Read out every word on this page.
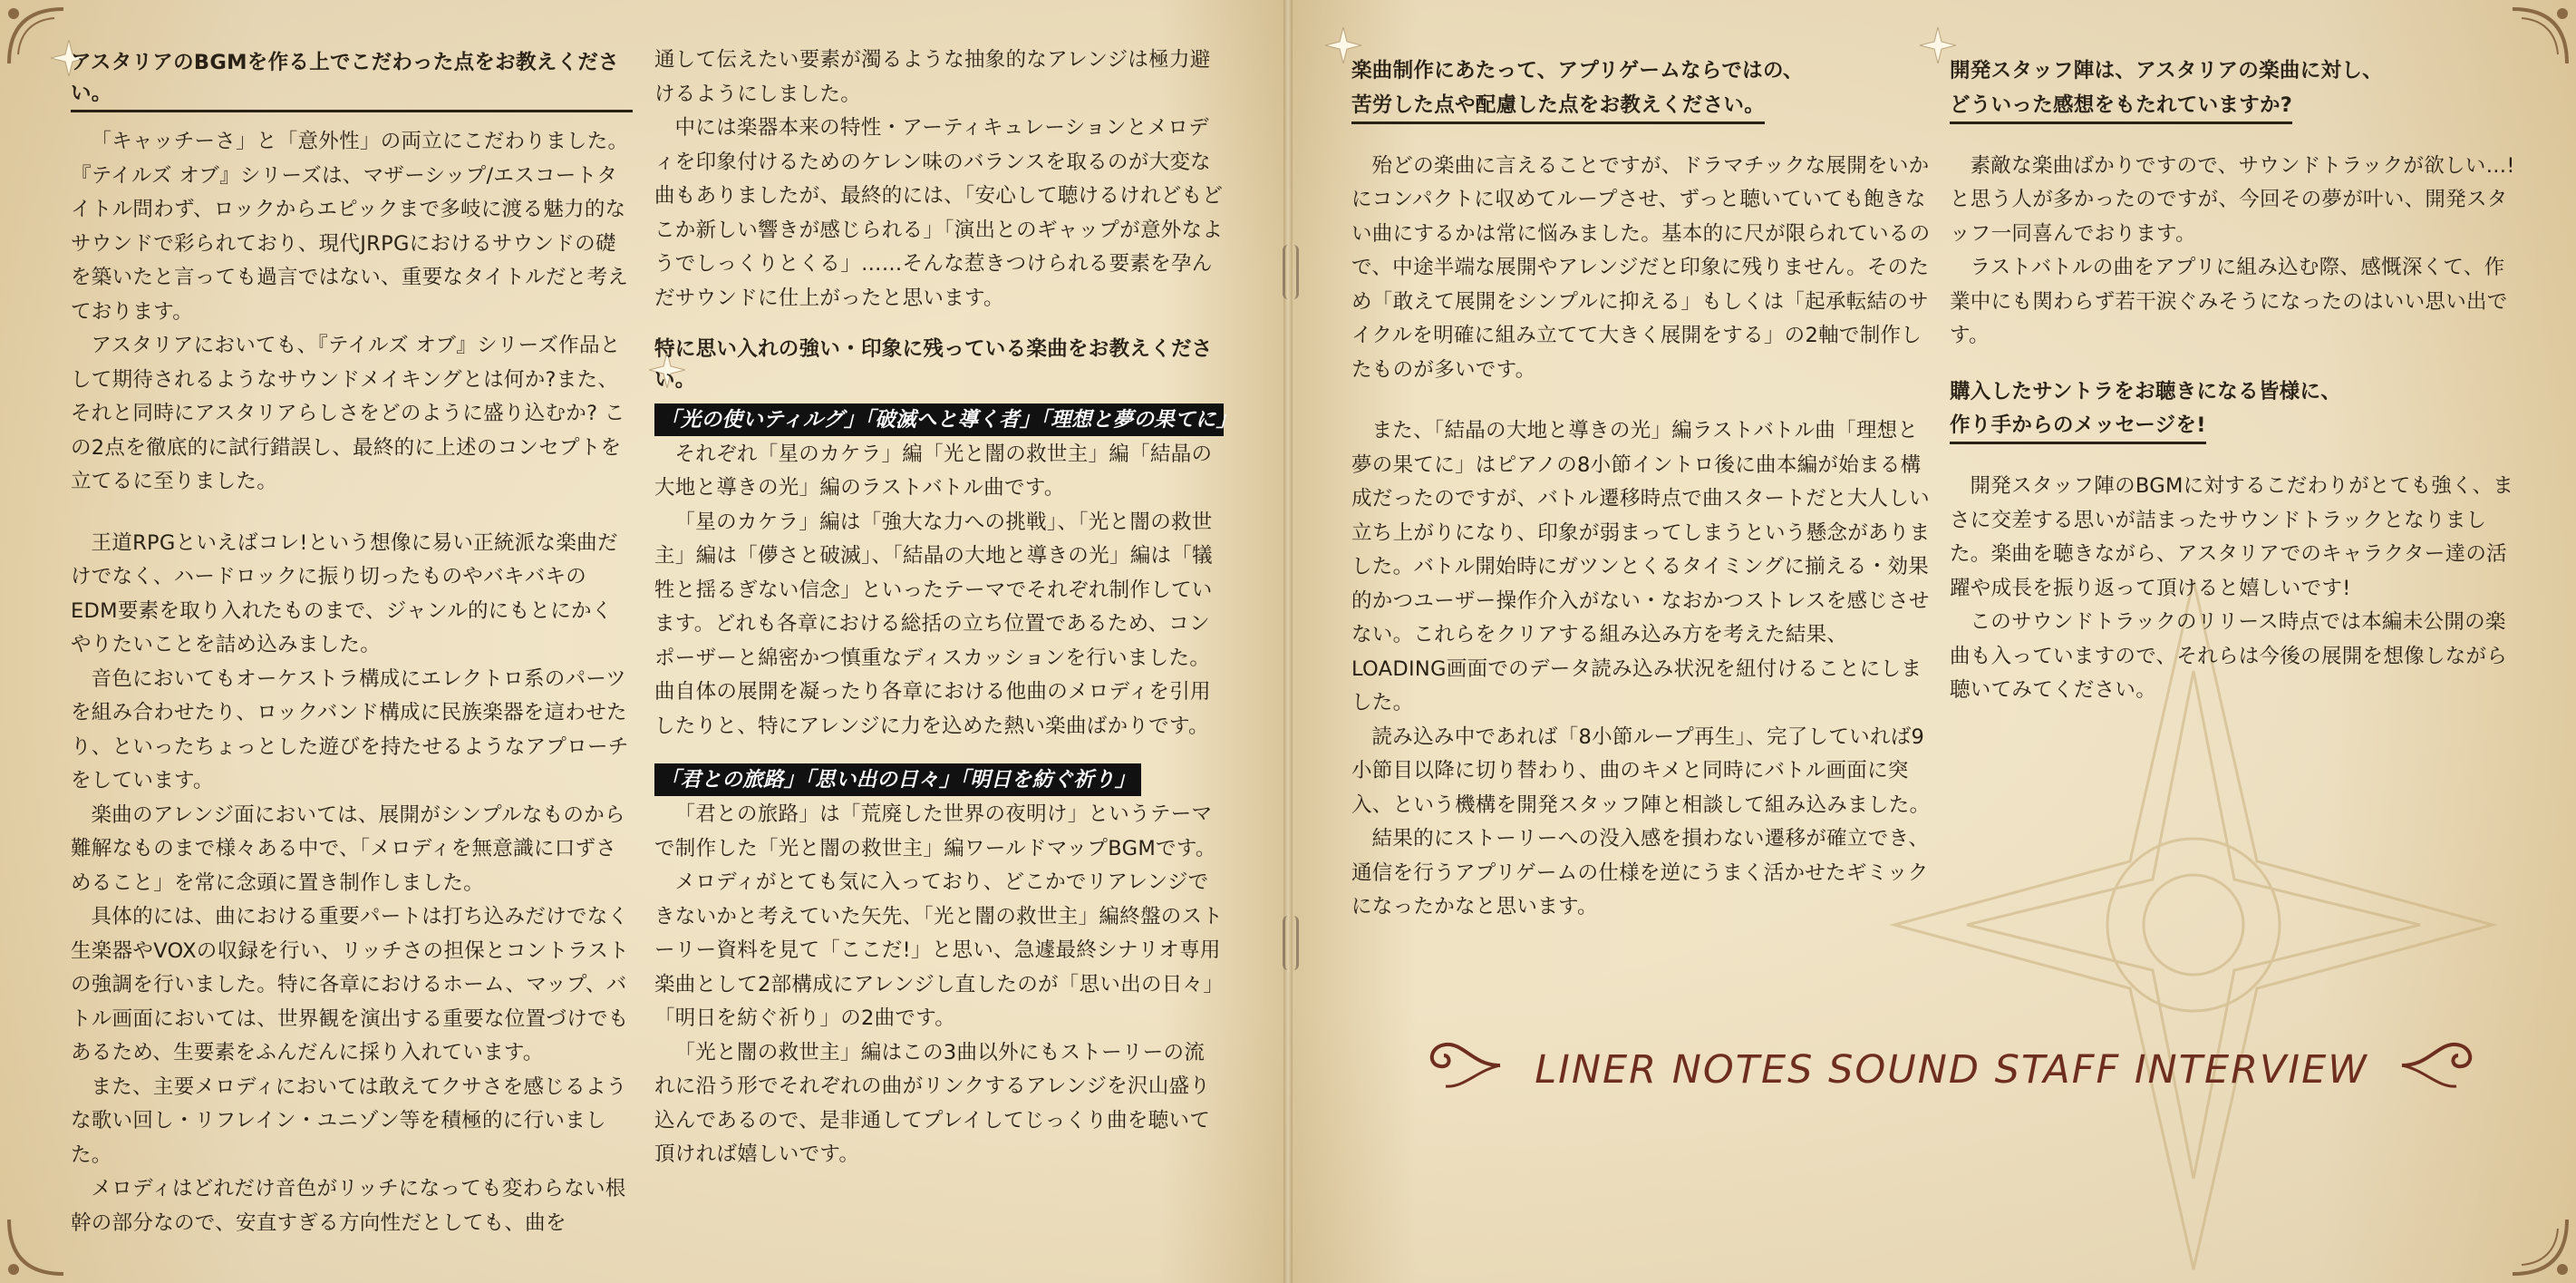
アスタリアのBGMを作る上でこだわった点をお教えください。

「キャッチーさ」と「意外性」の両立にこだわりました。『テイルズ オブ』シリーズは、マザーシップ/エスコートタイトル問わず、ロックからエピックまで多岐に渡る魅力的なサウンドで彩られており、現代JRPGにおけるサウンドの礎を築いたと言っても過言ではない、重要なタイトルだと考えております。

アスタリアにおいても、『テイルズ オブ』シリーズ作品として期待されるようなサウンドメイキングとは何か?また、それと同時にアスタリアらしさをどのように盛り込むか? この2点を徹底的に試行錯誤し、最終的に上述のコンセプトを立てるに至りました。

王道RPGといえばコレ!という想像に易い正統派な楽曲だけでなく、ハードロックに振り切ったものやバキバキのEDM要素を取り入れたものまで、ジャンル的にもとにかくやりたいことを詰め込みました。

音色においてもオーケストラ構成にエレクトロ系のパーツを組み合わせたり、ロックバンド構成に民族楽器を這わせたり、といったちょっとした遊びを持たせるようなアプローチをしています。

楽曲のアレンジ面においては、展開がシンプルなものから難解なものまで様々ある中で、「メロディを無意識に口ずさめること」を常に念頭に置き制作しました。

具体的には、曲における重要パートは打ち込みだけでなく生楽器やVOXの収録を行い、リッチさの担保とコントラストの強調を行いました。特に各章におけるホーム、マップ、バトル画面においては、世界観を演出する重要な位置づけでもあるため、生要素をふんだんに採り入れています。

また、主要メロディにおいては敢えてクサさを感じるような歌い回し・リフレイン・ユニゾン等を積極的に行いました。

メロディはどれだけ音色がリッチになっても変わらない根幹の部分なので、安直すぎる方向性だとしても、曲を

通して伝えたい要素が濁るような抽象的なアレンジは極力避けるようにしました。

中には楽器本来の特性・アーティキュレーションとメロディを印象付けるためのケレン味のバランスを取るのが大変な曲もありましたが、最終的には、「安心して聴けるけれどもどこか新しい響きが感じられる」「演出とのギャップが意外なようでしっくりとくる」……そんな惹きつけられる要素を孕んだサウンドに仕上がったと思います。

特に思い入れの強い・印象に残っている楽曲をお教えください。
「光の使いティルグ」「破滅へと導く者」「理想と夢の果てに」

それぞれ「星のカケラ」編「光と闇の救世主」編「結晶の大地と導きの光」編のラストバトル曲です。

「星のカケラ」編は「強大な力への挑戦」、「光と闇の救世主」編は「儚さと破滅」、「結晶の大地と導きの光」編は「犠牲と揺るぎない信念」といったテーマでそれぞれ制作しています。どれも各章における総括の立ち位置であるため、コンポーザーと綿密かつ慎重なディスカッションを行いました。曲自体の展開を凝ったり各章における他曲のメロディを引用したりと、特にアレンジに力を込めた熱い楽曲ばかりです。

「君との旅路」「思い出の日々」「明日を紡ぐ祈り」

「君との旅路」は「荒廃した世界の夜明け」というテーマで制作した「光と闇の救世主」編ワールドマップBGMです。

メロディがとても気に入っており、どこかでリアレンジできないかと考えていた矢先、「光と闇の救世主」編終盤のストーリー資料を見て「ここだ!」と思い、急遽最終シナリオ専用楽曲として2部構成にアレンジし直したのが「思い出の日々」「明日を紡ぐ祈り」の2曲です。

「光と闇の救世主」編はこの3曲以外にもストーリーの流れに沿う形でそれぞれの曲がリンクするアレンジを沢山盛り込んであるので、是非通してプレイしてじっくり曲を聴いて頂ければ嬉しいです。

楽曲制作にあたって、アプリゲームならではの、
苦労した点や配慮した点をお教えください。

殆どの楽曲に言えることですが、ドラマチックな展開をいかにコンパクトに収めてループさせ、ずっと聴いていても飽きない曲にするかは常に悩みました。基本的に尺が限られているので、中途半端な展開やアレンジだと印象に残りません。そのため「敢えて展開をシンプルに抑える」もしくは「起承転結のサイクルを明確に組み立てて大きく展開をする」の2軸で制作したものが多いです。

また、「結晶の大地と導きの光」編ラストバトル曲「理想と夢の果てに」はピアノの8小節イントロ後に曲本編が始まる構成だったのですが、バトル遷移時点で曲スタートだと大人しい立ち上がりになり、印象が弱まってしまうという懸念がありました。バトル開始時にガツンとくるタイミングに揃える・効果的かつユーザー操作介入がない・なおかつストレスを感じさせない。これらをクリアする組み込み方を考えた結果、LOADING画面でのデータ読み込み状況を紐付けることにしました。

読み込み中であれば「8小節ループ再生」、完了していれば9小節目以降に切り替わり、曲のキメと同時にバトル画面に突入、という機構を開発スタッフ陣と相談して組み込みました。

結果的にストーリーへの没入感を損わない遷移が確立でき、通信を行うアプリゲームの仕様を逆にうまく活かせたギミックになったかなと思います。

開発スタッフ陣は、アスタリアの楽曲に対し、
どういった感想をもたれていますか?

素敵な楽曲ばかりですので、サウンドトラックが欲しい…!と思う人が多かったのですが、今回その夢が叶い、開発スタッフ一同喜んでおります。

ラストバトルの曲をアプリに組み込む際、感慨深くて、作業中にも関わらず若干涙ぐみそうになったのはいい思い出です。

購入したサントラをお聴きになる皆様に、
作り手からのメッセージを!

開発スタッフ陣のBGMに対するこだわりがとても強く、まさに交差する思いが詰まったサウンドトラックとなりました。楽曲を聴きながら、アスタリアでのキャラクター達の活躍や成長を振り返って頂けると嬉しいです!

このサウンドトラックのリリース時点では本編未公開の楽曲も入っていますので、それらは今後の展開を想像しながら聴いてみてください。

LINER NOTES SOUND STAFF INTERVIEW
